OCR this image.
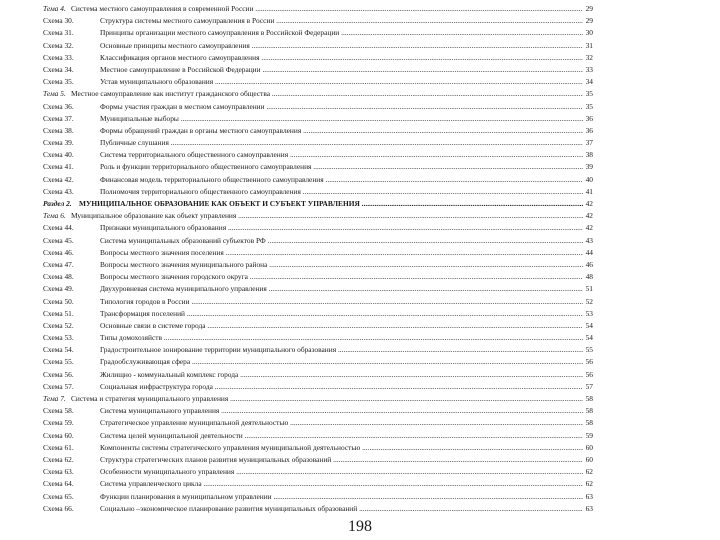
Тема 4. Система местного самоуправления в современной России .....	29
Схема 30.	Структура системы местного самоуправления в России .....	29
Схема 31.	Принципы организации местного самоуправления в Российской Федерации .....	30
Схема 32.	Основные принципы местного самоуправления .....	31
Схема 33.	Классификация органов местного самоуправления .....	32
Схема 34.	Местное самоуправление в Российской Федерации .....	33
Схема 35.	Устав муниципального образования .....	34
Тема 5. Местное самоуправление как институт гражданского общества .....	35
Схема 36.	Формы участия граждан в местном самоуправлении .....	35
Схема 37.	Муниципальные выборы .....	36
Схема 38.	Формы обращений граждан в органы местного самоуправления .....	36
Схема 39.	Публичные слушания .....	37
Схема 40.	Система территориального общественного самоуправления .....	38
Схема 41.	Роль и функции территориального общественного самоуправления .....	39
Схема 42.	Финансовая модель территориального общественного самоуправления .....	40
Схема 43.	Полномочия территориального общественного самоуправления .....	41
Раздел 2. МУНИЦИПАЛЬНОЕ ОБРАЗОВАНИЕ КАК ОБЪЕКТ И СУБЪЕКТ УПРАВЛЕНИЯ .....	42
Тема 6. Муниципальное образование как объект управления .....	42
Схема 44.	Признаки муниципального образования .....	42
Схема 45.	Система муниципальных образований субъектов РФ .....	43
Схема 46.	Вопросы местного значения поселения .....	44
Схема 47.	Вопросы местного значения муниципального района .....	46
Схема 48.	Вопросы местного значения городского округа .....	48
Схема 49.	Двухуровневая система муниципального управления .....	51
Схема 50.	Типология городов в России .....	52
Схема 51.	Трансформация поселений .....	53
Схема 52.	Основные связи в системе города .....	54
Схема 53.	Типы домохозяйств .....	54
Схема 54.	Градостроительное зонирование территории муниципального образования .....	55
Схема 55.	Градообслуживающая сфера .....	56
Схема 56.	Жилищно - коммунальный комплекс города .....	56
Схема 57.	Социальная инфраструктура города .....	57
Тема 7. Система и стратегия муниципального управления .....	58
Схема 58.	Система муниципального управления .....	58
Схема 59.	Стратегическое управление муниципальной деятельностью .....	58
Схема 60.	Система целей муниципальной деятельности .....	59
Схема 61.	Компоненты системы стратегического управления муниципальной деятельностью .....	60
Схема 62.	Структура стратегических планов развития муниципальных образований .....	60
Схема 63.	Особенности муниципального управления .....	62
Схема 64.	Система управленческого цикла .....	62
Схема 65.	Функции планирования в муниципальном управлении .....	63
Схема 66.	Социально –экономическое планирование развития муниципальных образований .....	63
198
